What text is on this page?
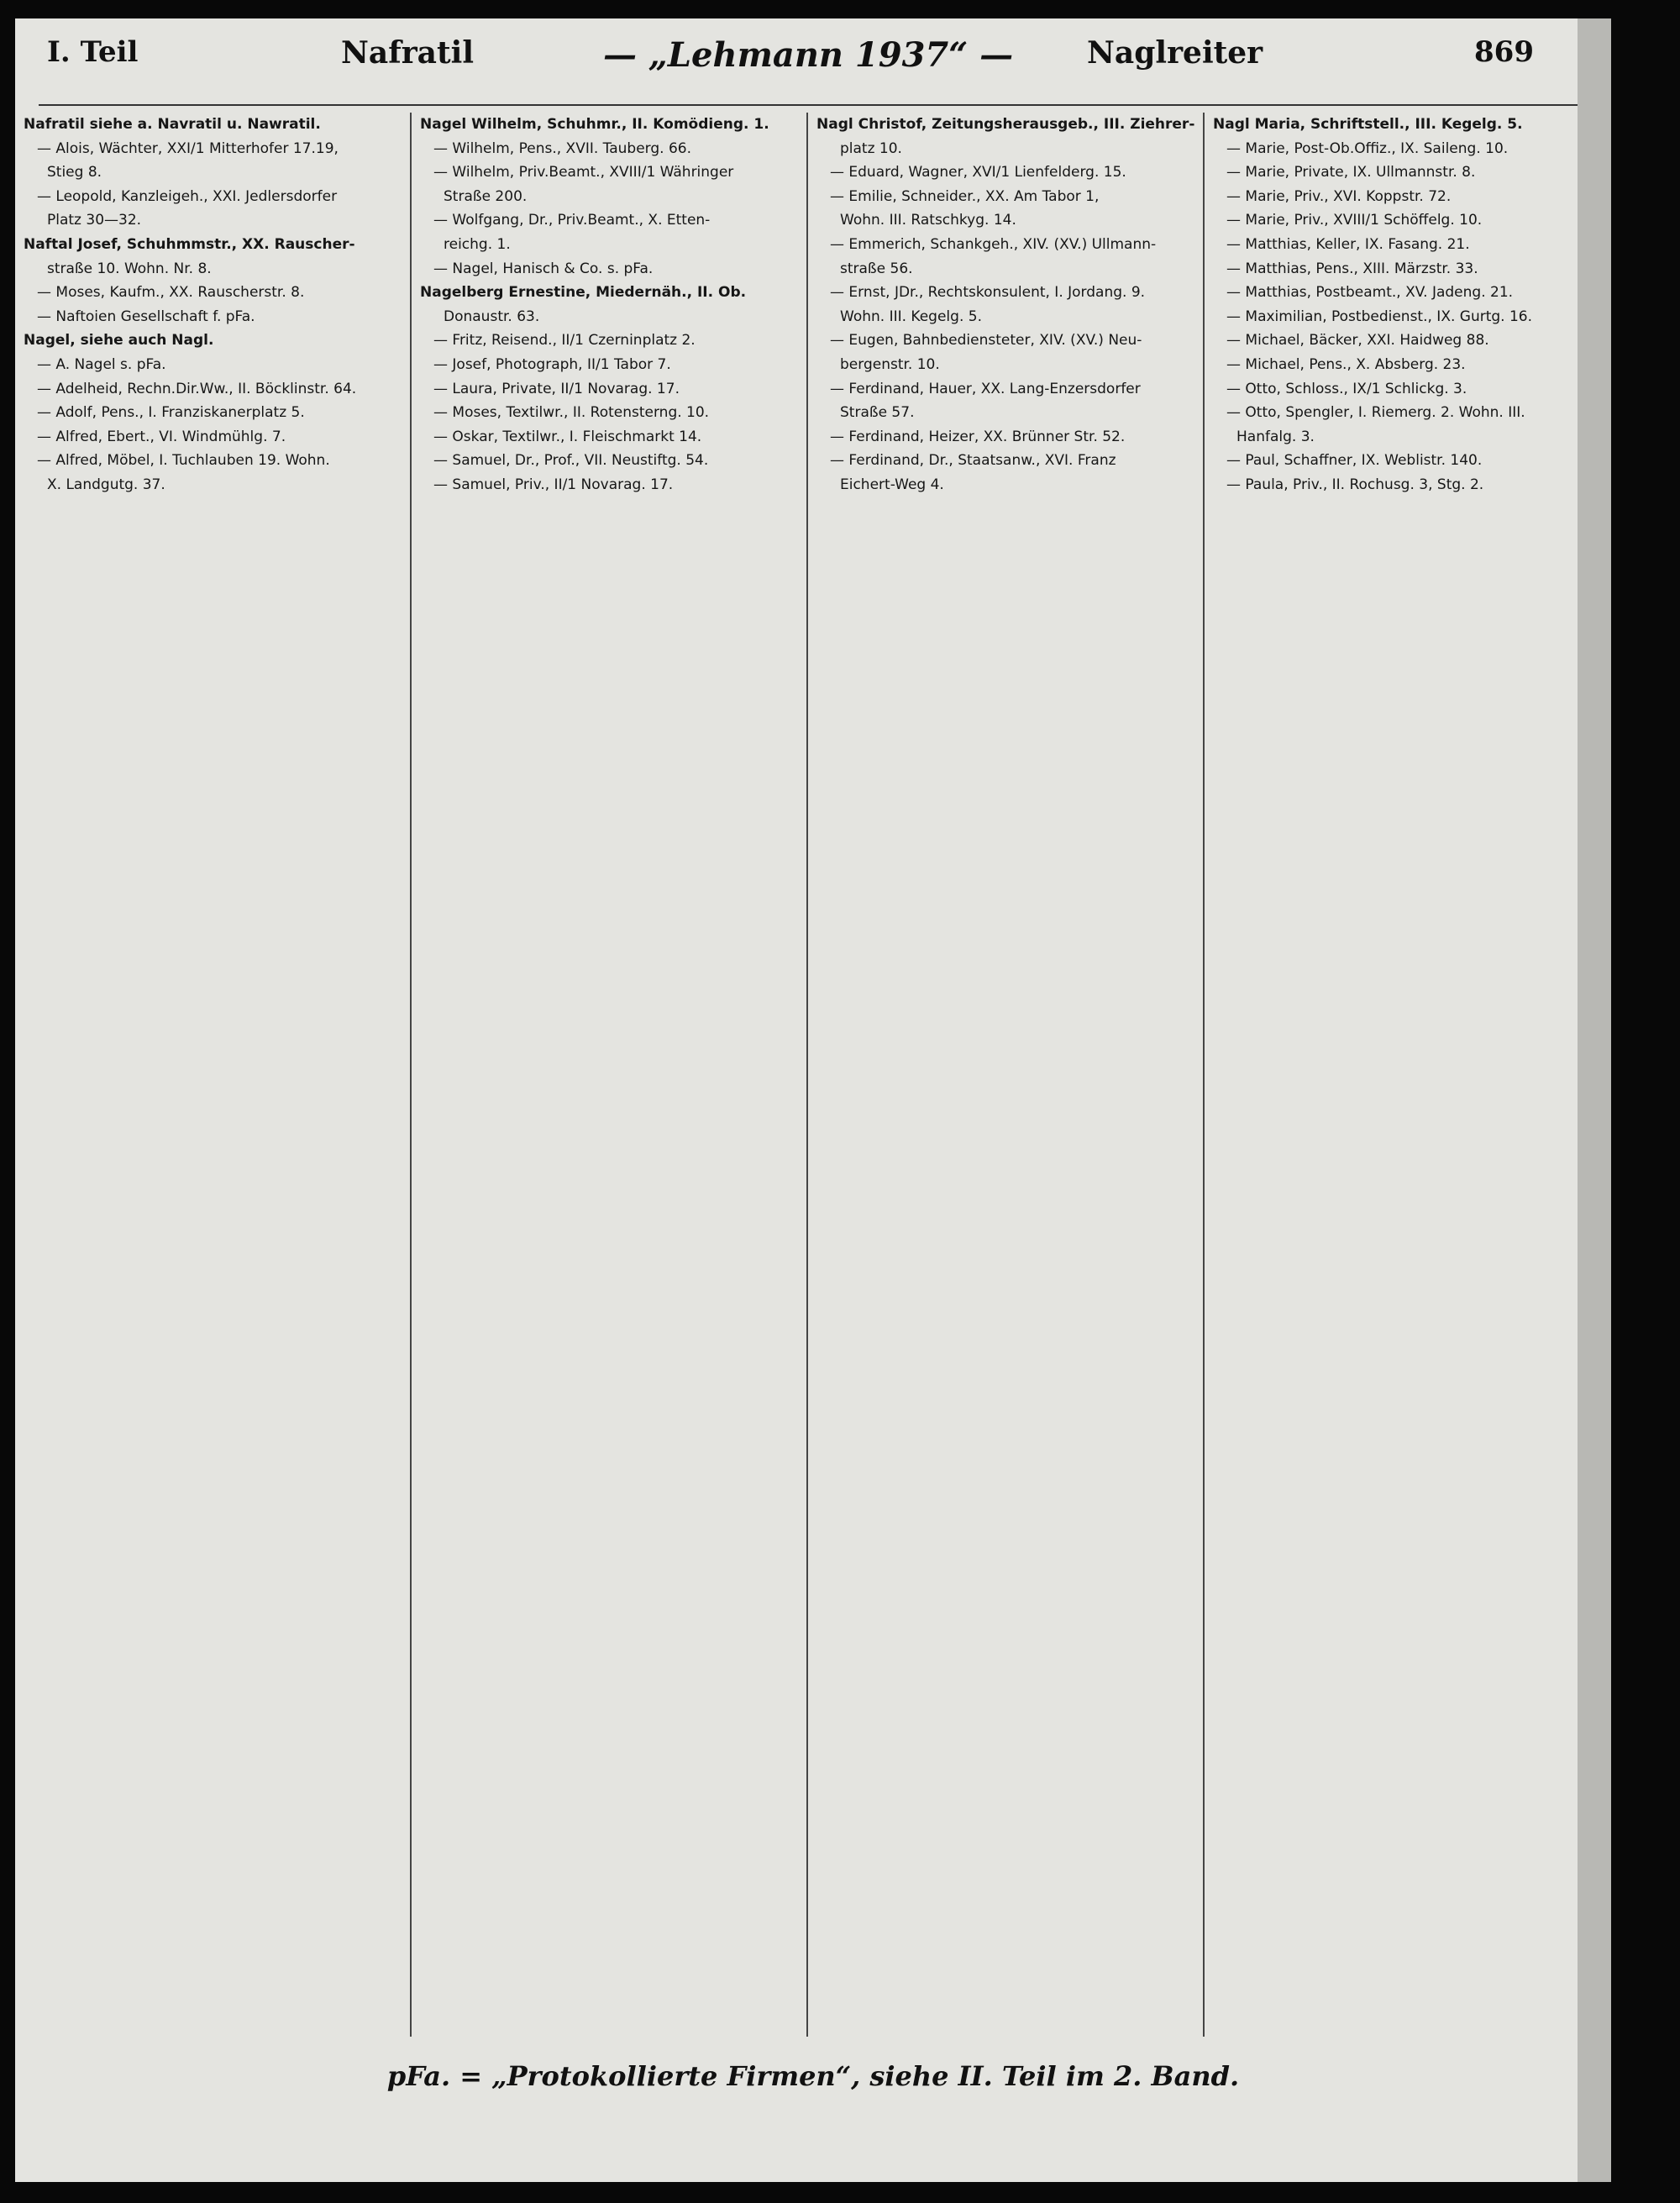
I. Teil	Nafratil	— „Lehmann 1937“ — Naglreiter	869
Nafratil siehe a. Navratil u. Nawratil.
— Alois, Wächter, XXI/1 Mitterhofer 17.19,
Stieg 8.
— Leopold, Kanzleigeh., XXI. Jedlersdorfer
Platz 30—32.
Naftal Josef, Schuhmmstr., XX. Rauscher-
straße 10. Wohn. Nr. 8.
— Moses, Kaufm., XX. Rauscherstr. 8.
— Naftoien Gesellschaft f. pFa.
Nagel, siehe auch Nagl.
— A. Nagel s. pFa.
— Adelheid, Rechn.Dir.Ww., II. Böcklinstr. 64.
— Adolf, Pens., I. Franziskanerplatz 5.
— Alfred, Ebert., VI. Windmühlg. 7.
— Alfred, Möbel, I. Tuchlauben 19. Wohn.
X. Landgutg. 37.
Nagel Wilhelm, Schuhmr., II. Komödieng. 1.
— Wilhelm, Pens., XVII. Tauberg. 66.
— Wilhelm, Priv.Beamt., XVIII/1 Währinger
Straße 200.
— Wolfgang, Dr., Priv.Beamt., X. Etten-
reichg. 1.
— Nagel, Hanisch & Co. s. pFa.
Nagelberg Ernestine, Miedernäh., II. Ob.
Donaustr. 63.
— Fritz, Reisend., II/1 Czerninplatz 2.
— Josef, Photograph, II/1 Tabor 7.
— Laura, Private, II/1 Novarag. 17.
— Moses, Textilwr., II. Rotensterng. 10.
— Oskar, Textilwr., I. Fleischmarkt 14.
— Samuel, Dr., Prof., VII. Neustiftg. 54.
— Samuel, Priv., II/1 Novarag. 17.
Nagl Christof, Zeitungsherausgeb., III. Ziehrer-
platz 10.
— Eduard, Wagner, XVI/1 Lienfelderg. 15.
— Emilie, Schneider., XX. Am Tabor 1,
Wohn. III. Ratschkyg. 14.
— Emmerich, Schankgeh., XIV. (XV.) Ullmann-
straße 56.
— Ernst, JDr., Rechtskonsulent, I. Jordang. 9.
Wohn. III. Kegelg. 5.
— Eugen, Bahnbediensteter, XIV. (XV.) Neu-
bergenstr. 10.
— Ferdinand, Hauer, XX. Lang-Enzersdorfer
Straße 57.
— Ferdinand, Heizer, XX. Brünner Str. 52.
— Ferdinand, Dr., Staatsanw., XVI. Franz
Eichert-Weg 4.
Nagl Maria, Schriftstell., III. Kegelg. 5.
— Marie, Post-Ob.Offiz., IX. Saileng. 10.
— Marie, Private, IX. Ullmannstr. 8.
— Marie, Priv., XVI. Koppstr. 72.
— Marie, Priv., XVIII/1 Schöffelg. 10.
— Matthias, Keller, IX. Fasang. 21.
— Matthias, Pens., XIII. Märzstr. 33.
— Matthias, Postbeamt., XV. Jadeng. 21.
— Maximilian, Postbedienst., IX. Gurtg. 16.
— Michael, Bäcker, XXI. Haidweg 88.
— Michael, Pens., X. Absberg. 23.
— Otto, Schloss., IX/1 Schlickg. 3.
— Otto, Spengler, I. Riemerg. 2. Wohn. III.
Hanfalg. 3.
— Paul, Schaffner, IX. Weblistr. 140.
— Paula, Priv., II. Rochusg. 3, Stg. 2.
pFa. = „Protokollierte Firmen“, siehe II. Teil im 2. Band.
